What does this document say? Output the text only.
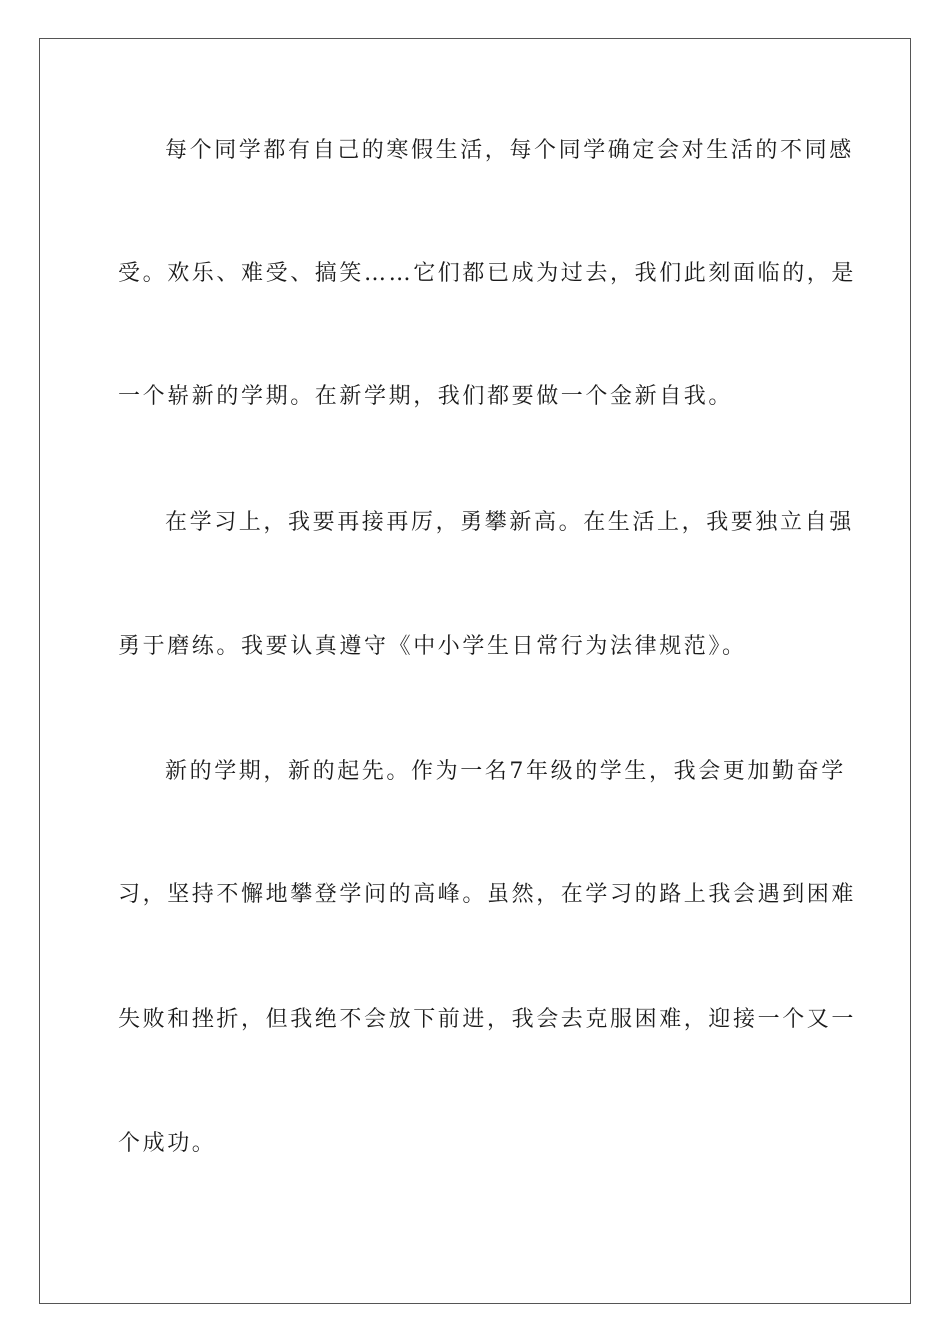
每个同学都有自己的寒假生活，每个同学确定会对生活的不同感
受。欢乐、难受、搞笑……它们都已成为过去，我们此刻面临的，是
一个崭新的学期。在新学期，我们都要做一个金新自我。
在学习上，我要再接再厉，勇攀新高。在生活上，我要独立自强
勇于磨练。我要认真遵守《中小学生日常行为法律规范》。
新的学期，新的起先。作为一名7年级的学生，我会更加勤奋学
习，坚持不懈地攀登学问的高峰。虽然，在学习的路上我会遇到困难
失败和挫折，但我绝不会放下前进，我会去克服困难，迎接一个又一
个成功。
